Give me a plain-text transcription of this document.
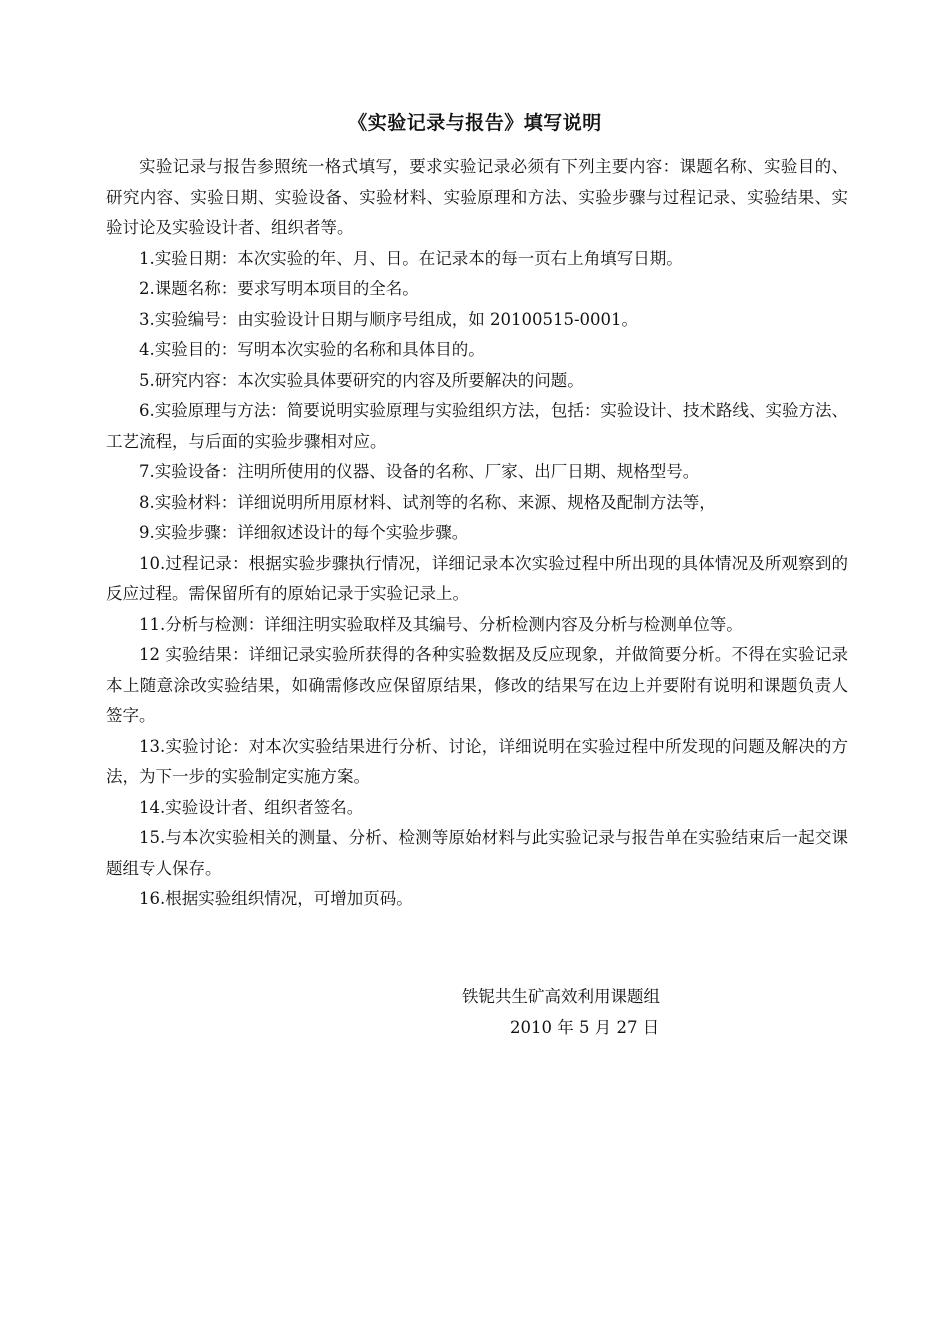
《实验记录与报告》填写说明

实验记录与报告参照统一格式填写，要求实验记录必须有下列主要内容：课题名称、实验目的、研究内容、实验日期、实验设备、实验材料、实验原理和方法、实验步骤与过程记录、实验结果、实验讨论及实验设计者、组织者等。

1.实验日期：本次实验的年、月、日。在记录本的每一页右上角填写日期。

2.课题名称：要求写明本项目的全名。

3.实验编号：由实验设计日期与顺序号组成，如 20100515-0001。

4.实验目的：写明本次实验的名称和具体目的。

5.研究内容：本次实验具体要研究的内容及所要解决的问题。

6.实验原理与方法：简要说明实验原理与实验组织方法，包括：实验设计、技术路线、实验方法、工艺流程，与后面的实验步骤相对应。

7.实验设备：注明所使用的仪器、设备的名称、厂家、出厂日期、规格型号。

8.实验材料：详细说明所用原材料、试剂等的名称、来源、规格及配制方法等，

9.实验步骤：详细叙述设计的每个实验步骤。

10.过程记录：根据实验步骤执行情况，详细记录本次实验过程中所出现的具体情况及所观察到的反应过程。需保留所有的原始记录于实验记录上。

11.分析与检测：详细注明实验取样及其编号、分析检测内容及分析与检测单位等。

12 实验结果：详细记录实验所获得的各种实验数据及反应现象，并做简要分析。不得在实验记录本上随意涂改实验结果，如确需修改应保留原结果，修改的结果写在边上并要附有说明和课题负责人签字。

13.实验讨论：对本次实验结果进行分析、讨论，详细说明在实验过程中所发现的问题及解决的方法，为下一步的实验制定实施方案。

14.实验设计者、组织者签名。

15.与本次实验相关的测量、分析、检测等原始材料与此实验记录与报告单在实验结束后一起交课题组专人保存。

16.根据实验组织情况，可增加页码。

铁铌共生矿高效利用课题组
2010 年 5 月 27 日
